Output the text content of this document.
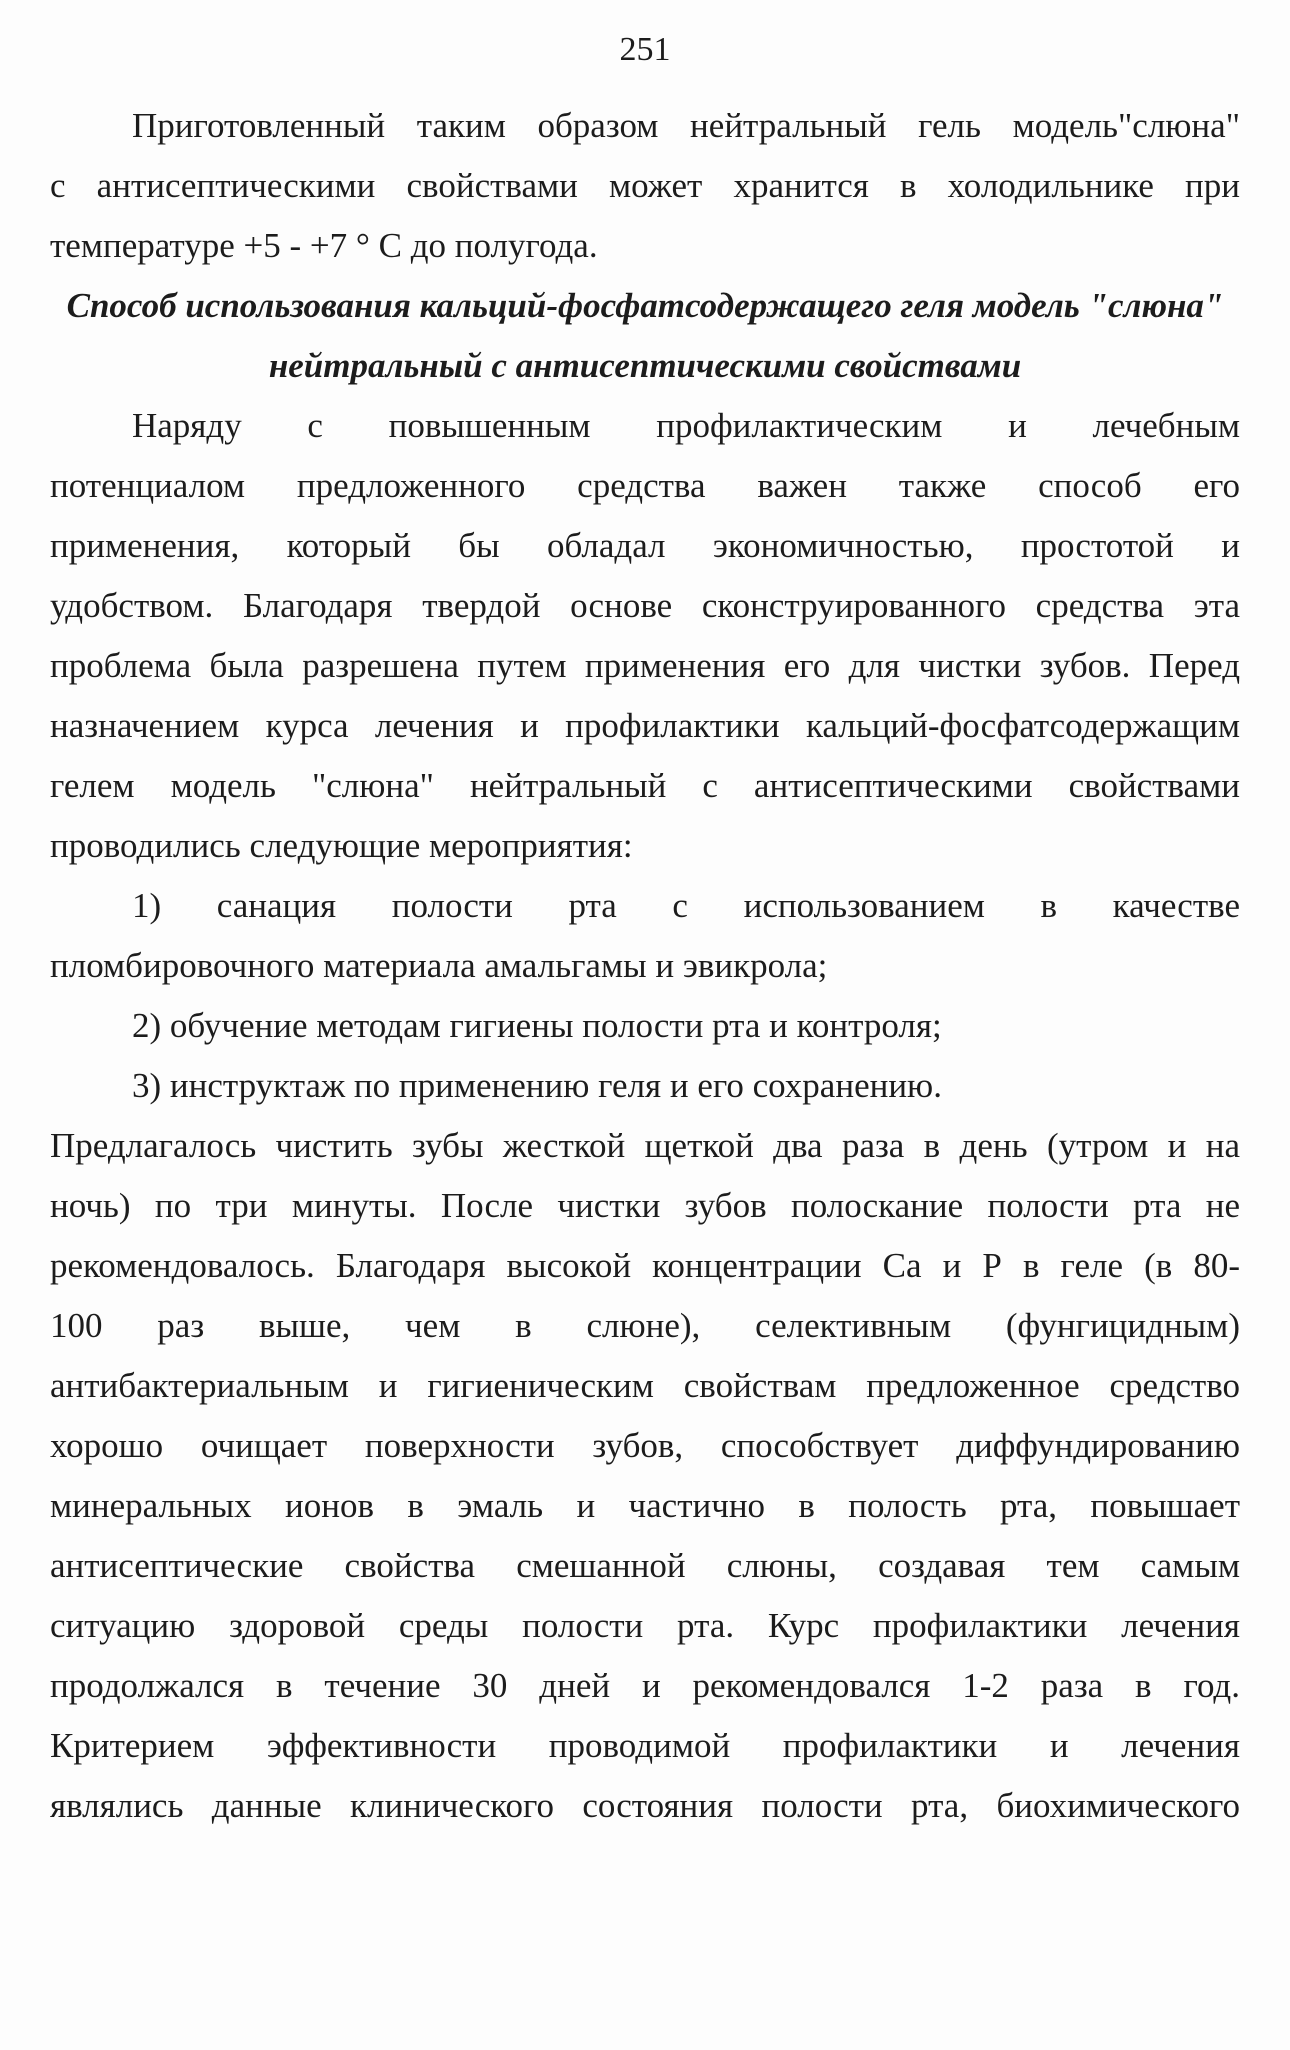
251
Приготовленный таким образом нейтральный гель модель"слюна"
с антисептическими свойствами может хранится в холодильнике при
температуре +5 - +7 ° С до полугода.
Способ использования кальций-фосфатсодержащего геля модель "слюна"
нейтральный с антисептическими свойствами
Наряду с повышенным профилактическим и лечебным
потенциалом предложенного средства важен также способ его
применения, который бы обладал экономичностью, простотой и
удобством. Благодаря твердой основе сконструированного средства эта
проблема была разрешена путем применения его для чистки зубов. Перед
назначением курса лечения и профилактики кальций-фосфатсодержащим
гелем модель "слюна" нейтральный с антисептическими свойствами
проводились следующие мероприятия:
1) санация полости рта с использованием в качестве
пломбировочного материала амальгамы и эвикрола;
2) обучение методам гигиены полости рта и контроля;
3) инструктаж по применению геля и его сохранению.
Предлагалось чистить зубы жесткой щеткой два раза в день (утром и на
ночь) по три минуты. После чистки зубов полоскание полости рта не
рекомендовалось. Благодаря высокой концентрации Са и Р в геле (в 80-
100 раз выше, чем в слюне), селективным (фунгицидным)
антибактериальным и гигиеническим свойствам предложенное средство
хорошо очищает поверхности зубов, способствует диффундированию
минеральных ионов в эмаль и частично в полость рта, повышает
антисептические свойства смешанной слюны, создавая тем самым
ситуацию здоровой среды полости рта. Курс профилактики лечения
продолжался в течение 30 дней и рекомендовался 1-2 раза в год.
Критерием эффективности проводимой профилактики и лечения
являлись данные клинического состояния полости рта, биохимического
